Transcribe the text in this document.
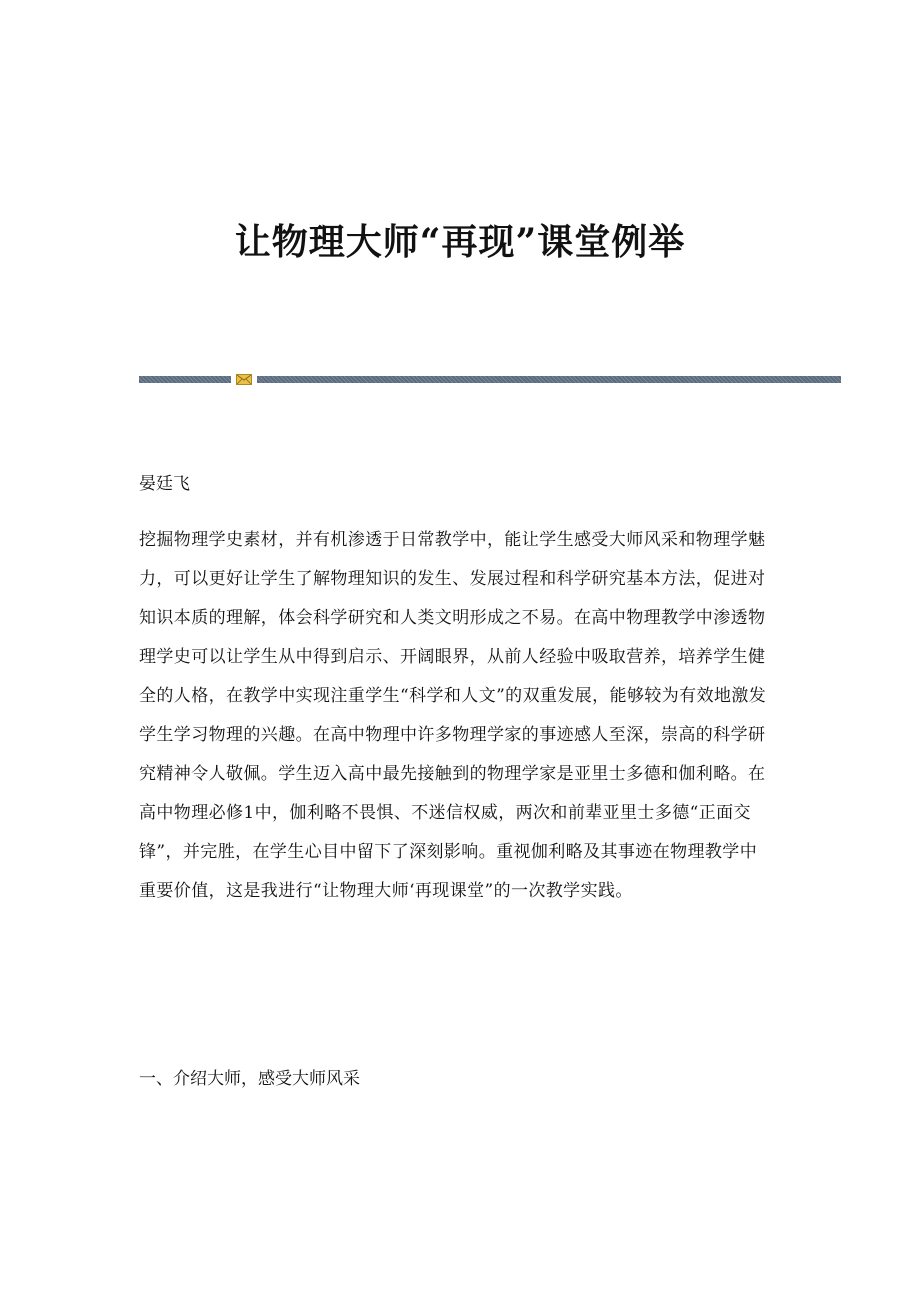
让物理大师“再现”课堂例举

晏廷飞

挖掘物理学史素材，并有机渗透于日常教学中，能让学生感受大师风采和物理学魅力，可以更好让学生了解物理知识的发生、发展过程和科学研究基本方法，促进对知识本质的理解，体会科学研究和人类文明形成之不易。在高中物理教学中渗透物理学史可以让学生从中得到启示、开阔眼界，从前人经验中吸取营养，培养学生健全的人格，在教学中实现注重学生“科学和人文”的双重发展，能够较为有效地激发学生学习物理的兴趣。在高中物理中许多物理学家的事迹感人至深，崇高的科学研究精神令人敬佩。学生迈入高中最先接触到的物理学家是亚里士多德和伽利略。在高中物理必修1中，伽利略不畏惧、不迷信权威，两次和前辈亚里士多德“正面交锋”，并完胜，在学生心目中留下了深刻影响。重视伽利略及其事迹在物理教学中重要价值，这是我进行“让物理大师‘再现课堂”的一次教学实践。

一、介绍大师，感受大师风采
